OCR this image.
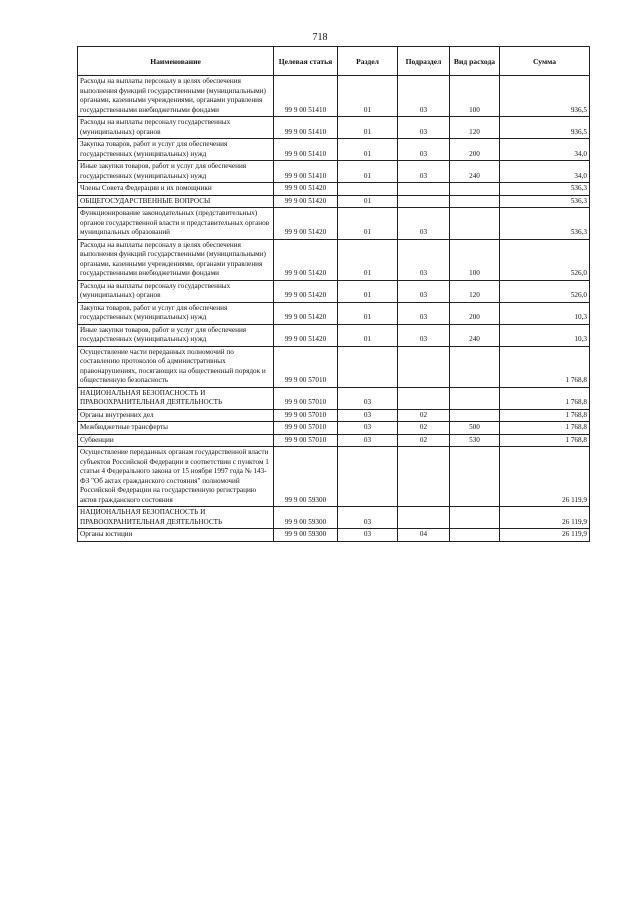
718
Наименование	Целевая статья	Раздел	Подраздел	Вид расхода	Сумма
Расходы на выплаты персоналу в целях обеспечения выполнения функций государственными (муниципальными) органами, казенными учреждениями, органами управления государственными внебюджетными фондами	99 9 00 51410	01	03	100	936,5
Расходы на выплаты персоналу государственных (муниципальных) органов	99 9 00 51410	01	03	120	936,5
Закупка товаров, работ и услуг для обеспечения государственных (муниципальных) нужд	99 9 00 51410	01	03	200	34,0
Иные закупки товаров, работ и услуг для обеспечения государственных (муниципальных) нужд	99 9 00 51410	01	03	240	34,0
Члены Совета Федерации и их помощники	99 9 00 51420				536,3
ОБЩЕГОСУДАРСТВЕННЫЕ ВОПРОСЫ	99 9 00 51420	01			536,3
Функционирование законодательных (представительных) органов государственной власти и представительных органов муниципальных образований	99 9 00 51420	01	03		536,3
Расходы на выплаты персоналу в целях обеспечения выполнения функций государственными (муниципальными) органами, казенными учреждениями, органами управления государственными внебюджетными фондами	99 9 00 51420	01	03	100	526,0
Расходы на выплаты персоналу государственных (муниципальных) органов	99 9 00 51420	01	03	120	526,0
Закупка товаров, работ и услуг для обеспечения государственных (муниципальных) нужд	99 9 00 51420	01	03	200	10,3
Иные закупки товаров, работ и услуг для обеспечения государственных (муниципальных) нужд	99 9 00 51420	01	03	240	10,3
Осуществление части переданных полномочий по составлению протоколов об административных правонарушениях, посягающих на общественный порядок и общественную безопасность	99 9 00 57010				1 768,8
НАЦИОНАЛЬНАЯ БЕЗОПАСНОСТЬ И ПРАВООХРАНИТЕЛЬНАЯ ДЕЯТЕЛЬНОСТЬ	99 9 00 57010	03			1 768,8
Органы внутренних дел	99 9 00 57010	03	02		1 768,8
Межбюджетные трансферты	99 9 00 57010	03	02	500	1 768,8
Субвенции	99 9 00 57010	03	02	530	1 768,8
Осуществление переданных органам государственной власти субъектов Российской Федерации в соответствии с пунктом 1 статьи 4 Федерального закона от 15 ноября 1997 года № 143-ФЗ "Об актах гражданского состояния" полномочий Российской Федерации на государственную регистрацию актов гражданского состояния	99 9 00 59300				26 119,9
НАЦИОНАЛЬНАЯ БЕЗОПАСНОСТЬ И ПРАВООХРАНИТЕЛЬНАЯ ДЕЯТЕЛЬНОСТЬ	99 9 00 59300	03			26 119,9
Органы юстиции	99 9 00 59300	03	04		26 119,9
